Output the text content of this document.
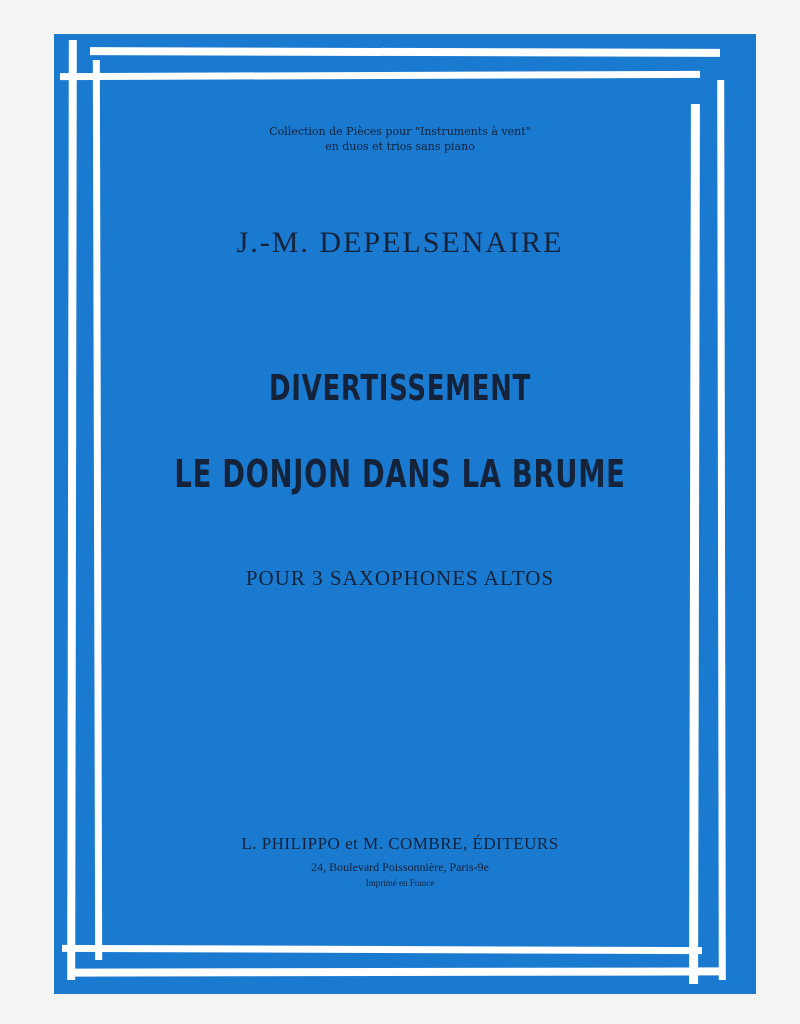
Collection de Pièces pour "Instruments à vent"
en duos et trios sans piano
J.-M. DEPELSENAIRE
DIVERTISSEMENT
LE DONJON DANS LA BRUME
POUR 3 SAXOPHONES ALTOS
L. PHILIPPO et M. COMBRE, ÉDITEURS
24, Boulevard Poissonnière, Paris-9e
Imprimé en France
